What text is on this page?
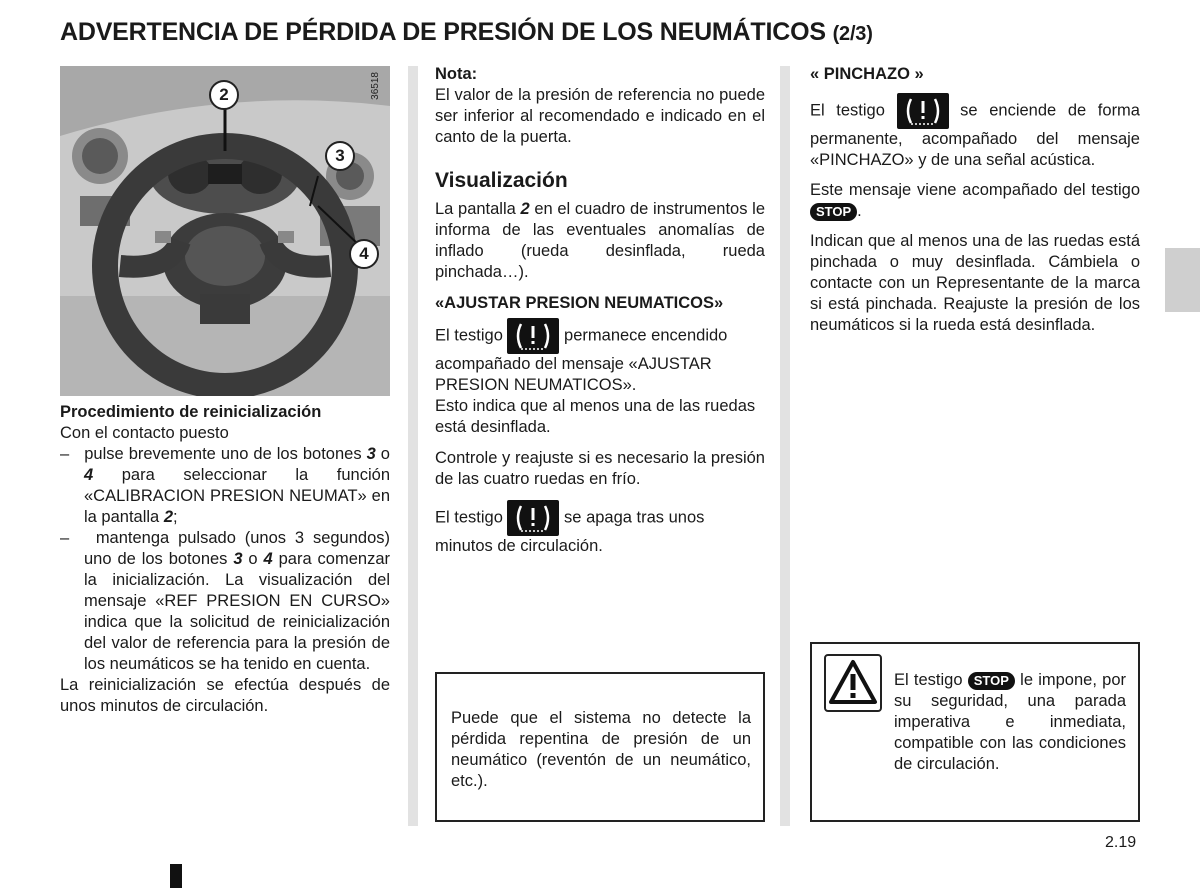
ADVERTENCIA DE PÉRDIDA DE PRESIÓN DE LOS NEUMÁTICOS (2/3)
2
3
4
36518

Procedimiento de reinicialización

Con el contacto puesto

– pulse brevemente uno de los botones 3 o 4 para seleccionar la función «CALIBRACION PRESION NEUMAT» en la pantalla 2;

– mantenga pulsado (unos 3 segundos) uno de los botones 3 o 4 para comenzar la inicialización. La visualización del mensaje «REF PRESION EN CURSO» indica que la solicitud de reinicialización del valor de referencia para la presión de los neumáticos se ha tenido en cuenta.

La reinicialización se efectúa después de unos minutos de circulación.

Nota:

El valor de la presión de referencia no puede ser inferior al recomendado e indicado en el canto de la puerta.

Visualización

La pantalla 2 en el cuadro de instrumentos le informa de las eventuales anomalías de inflado (rueda desinflada, rueda pinchada…).

«AJUSTAR PRESION NEUMATICOS»

El testigo	permanece encendido acompañado del mensaje «AJUSTAR PRESION NEUMATICOS».

Esto indica que al menos una de las ruedas está desinflada.

Controle y reajuste si es necesario la presión de las cuatro ruedas en frío.

El testigo	se apaga tras unos minutos de circulación.

Puede que el sistema no detecte la pérdida repentina de presión de un neumático (reventón de un neumático, etc.).

« PINCHAZO »

El testigo	se enciende de forma permanente, acompañado del mensaje «PINCHAZO» y de una señal acústica.

Este mensaje viene acompañado del testigo STOP .

Indican que al menos una de las ruedas está pinchada o muy desinflada. Cámbiela o contacte con un Representante de la marca si está pinchada. Reajuste la presión de los neumáticos si la rueda está desinflada.

El testigo STOP le impone, por su seguridad, una parada imperativa e inmediata, compatible con las condiciones de circulación.

2.19
